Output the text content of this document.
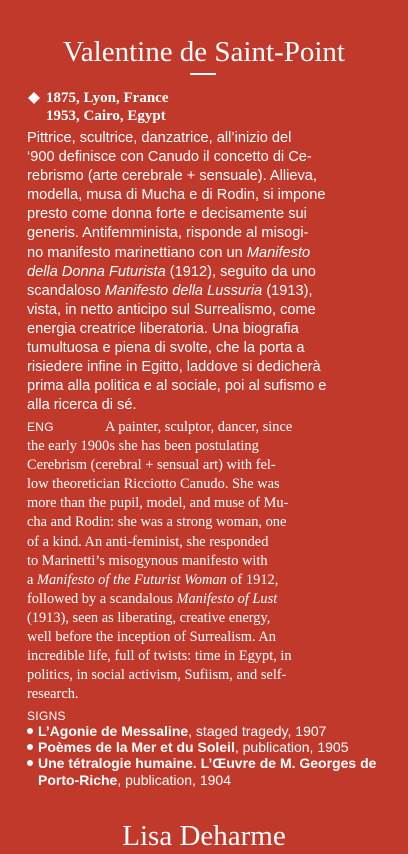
Valentine de Saint-Point
1875, Lyon, France
1953, Cairo, Egypt
Pittrice, scultrice, danzatrice, all’inizio del
‘900 definisce con Canudo il concetto di Ce-
rebrismo (arte cerebrale + sensuale). Allieva,
modella, musa di Mucha e di Rodin, si impone
presto come donna forte e decisamente sui
generis. Antifemminista, risponde al misogi-
no manifesto marinettiano con un Manifesto
della Donna Futurista (1912), seguito da uno
scandaloso Manifesto della Lussuria (1913),
vista, in netto anticipo sul Surrealismo, come
energia creatrice liberatoria. Una biografia
tumultuosa e piena di svolte, che la porta a
risiedere infine in Egitto, laddove si dedicherà
prima alla politica e al sociale, poi al sufismo e
alla ricerca di sé.
ENG	A painter, sculptor, dancer, since
the early 1900s she has been postulating
Cerebrism (cerebral + sensual art) with fel-
low theoretician Ricciotto Canudo. She was
more than the pupil, model, and muse of Mu-
cha and Rodin: she was a strong woman, one
of a kind. An anti-feminist, she responded
to Marinetti’s misogynous manifesto with
a Manifesto of the Futurist Woman of 1912,
followed by a scandalous Manifesto of Lust
(1913), seen as liberating, creative energy,
well before the inception of Surrealism. An
incredible life, full of twists: time in Egypt, in
politics, in social activism, Sufiism, and self-
research.
SIGNS
L’Agonie de Messaline, staged tragedy, 1907
Poèmes de la Mer et du Soleil, publication, 1905
Une tétralogie humaine. L’Œuvre de M. Georges de Porto-Riche, publication, 1904
Lisa Deharme
